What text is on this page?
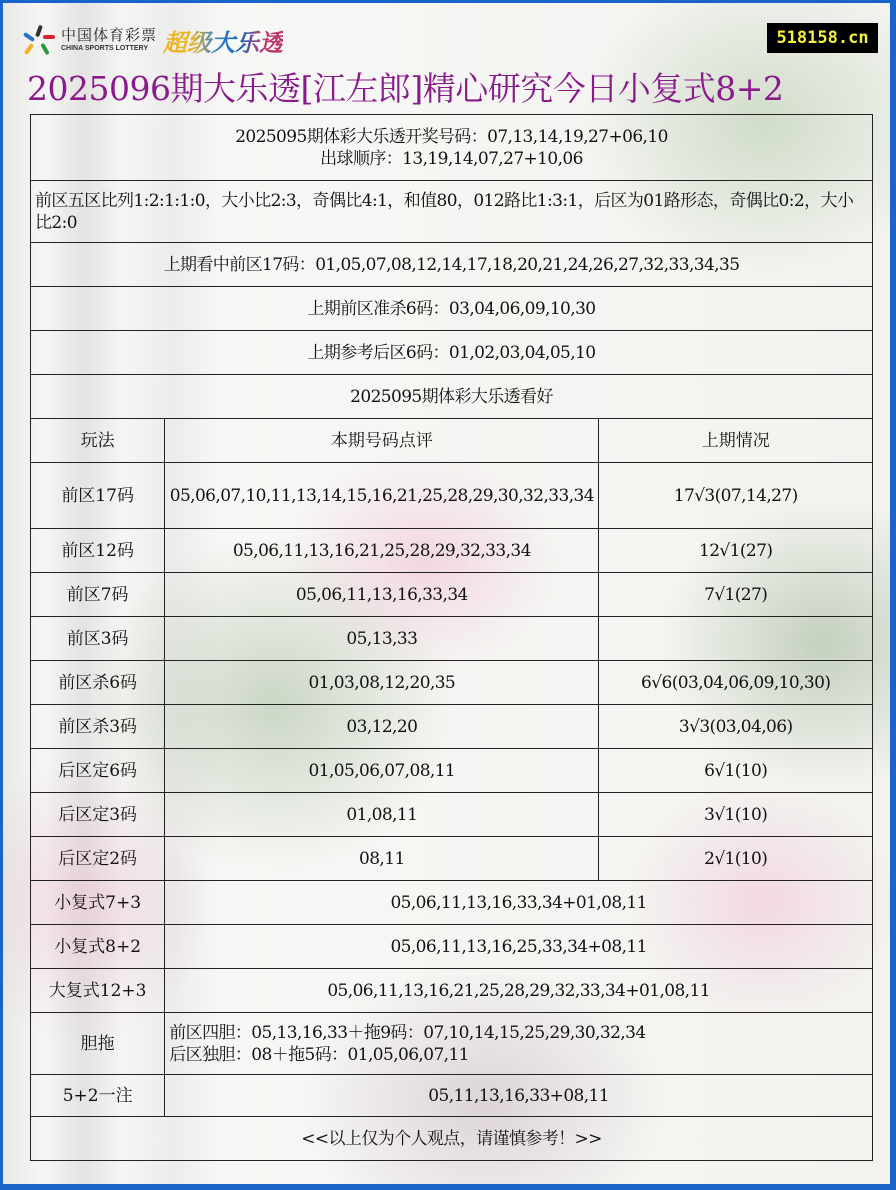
中国体育彩票
CHINA SPORTS LOTTERY 超级大乐透	518158.cn
2025096期大乐透[江左郎]精心研究今日小复式8+2
2025095期体彩大乐透开奖号码：07,13,14,19,27+06,10
出球顺序：13,19,14,07,27+10,06		

前区五区比列1:2:1:1:0，大小比2:3，奇偶比4:1，和值80，012路比1:3:1，后区为01路形态，奇偶比0:2，大小比2:0		
上期看中前区17码：01,05,07,08,12,14,17,18,20,21,24,26,27,32,33,34,35		
上期前区准杀6码：03,04,06,09,10,30		
上期参考后区6码：01,02,03,04,05,10		
2025095期体彩大乐透看好		
玩法	本期号码点评	上期情况
前区17码	05,06,07,10,11,13,14,15,16,21,25,28,29,30,32,33,34	17√3(07,14,27)
前区12码	05,06,11,13,16,21,25,28,29,32,33,34	12√1(27)
前区7码	05,06,11,13,16,33,34	7√1(27)
前区3码	05,13,33	
前区杀6码	01,03,08,12,20,35	6√6(03,04,06,09,10,30)
前区杀3码	03,12,20	3√3(03,04,06)
后区定6码	01,05,06,07,08,11	6√1(10)
后区定3码	01,08,11	3√1(10)
后区定2码	08,11	2√1(10)
小复式7+3	05,06,11,13,16,33,34+01,08,11	
小复式8+2	05,06,11,13,16,25,33,34+08,11	
大复式12+3	05,06,11,13,16,21,25,28,29,32,33,34+01,08,11	
胆拖	前区四胆：05,13,16,33＋拖9码：07,10,14,15,25,29,30,32,34
后区独胆：08＋拖5码：01,05,06,07,11	

5+2一注	05,11,13,16,33+08,11	
<<以上仅为个人观点，请谨慎参考！>>		
